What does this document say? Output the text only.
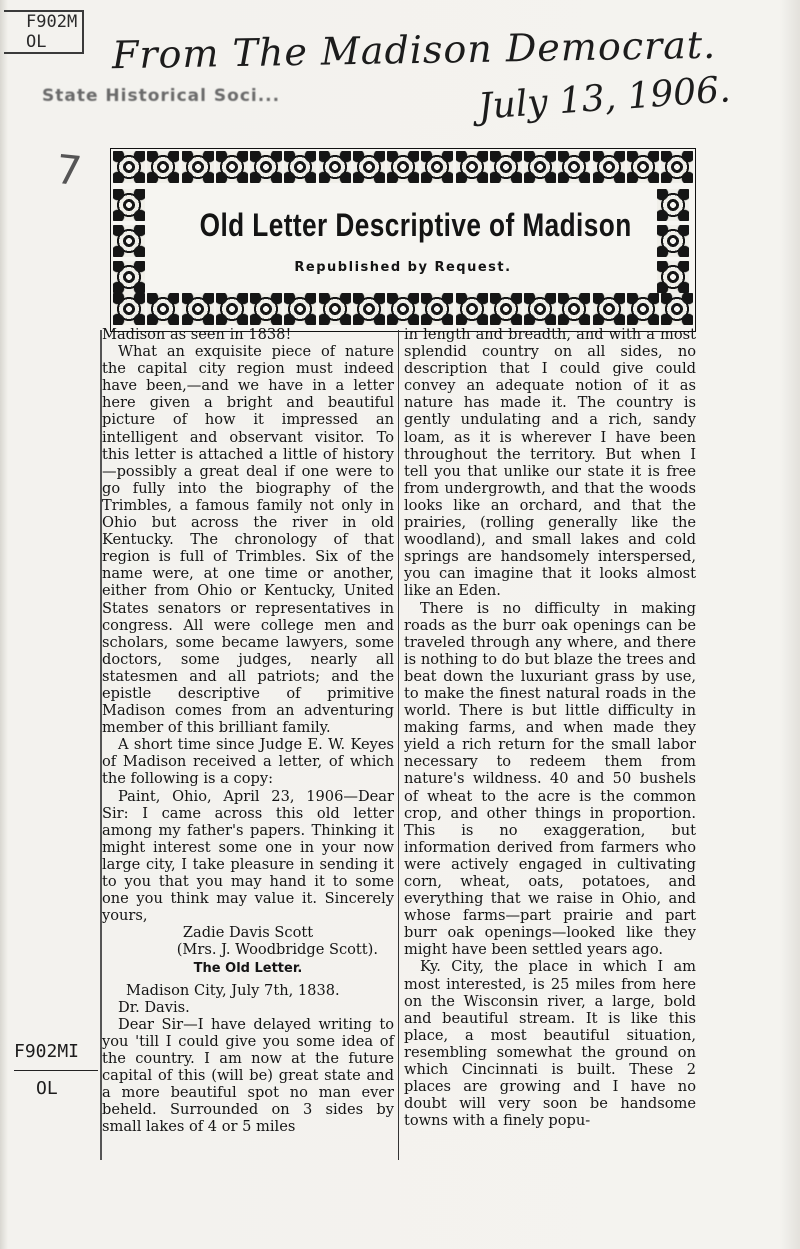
F902M
OL	From The Madison Democrat.
July 13, 1906.
State Historical Soci...
7
F902MI
OL
Old Letter Descriptive of Madison
Republished by Request.

Madison as seen in 1838!

What an exquisite piece of nature the capital city region must indeed have been,—and we have in a letter here given a bright and beautiful picture of how it impressed an intelligent and observant visitor. To this letter is attached a little of history—possibly a great deal if one were to go fully into the biography of the Trimbles, a famous family not only in Ohio but across the river in old Kentucky. The chronology of that region is full of Trimbles. Six of the name were, at one time or another, either from Ohio or Kentucky, United States senators or representatives in congress. All were college men and scholars, some became lawyers, some doctors, some judges, nearly all statesmen and all patriots; and the epistle descriptive of primitive Madison comes from an adventuring member of this brilliant family.

A short time since Judge E. W. Keyes of Madison received a letter, of which the following is a copy:

Paint, Ohio, April 23, 1906—Dear Sir: I came across this old letter among my father's papers. Thinking it might interest some one in your now large city, I take pleasure in sending it to you that you may hand it to some one you think may value it. Sincerely yours,

Zadie Davis Scott

(Mrs. J. Woodbridge Scott).

The Old Letter.

Madison City, July 7th, 1838.

Dr. Davis.

Dear Sir—I have delayed writing to you 'till I could give you some idea of the country. I am now at the future capital of this (will be) great state and a more beautiful spot no man ever beheld. Surrounded on 3 sides by small lakes of 4 or 5 miles

in length and breadth, and with a most splendid country on all sides, no description that I could give could convey an adequate notion of it as nature has made it. The country is gently undulating and a rich, sandy loam, as it is wherever I have been throughout the territory. But when I tell you that unlike our state it is free from undergrowth, and that the woods looks like an orchard, and that the prairies, (rolling generally like the woodland), and small lakes and cold springs are handsomely interspersed, you can imagine that it looks almost like an Eden.

There is no difficulty in making roads as the burr oak openings can be traveled through any where, and there is nothing to do but blaze the trees and beat down the luxuriant grass by use, to make the finest natural roads in the world. There is but little difficulty in making farms, and when made they yield a rich return for the small labor necessary to redeem them from nature's wildness. 40 and 50 bushels of wheat to the acre is the common crop, and other things in proportion. This is no exaggeration, but information derived from farmers who were actively engaged in cultivating corn, wheat, oats, potatoes, and everything that we raise in Ohio, and whose farms—part prairie and part burr oak openings—looked like they might have been settled years ago.

Ky. City, the place in which I am most interested, is 25 miles from here on the Wisconsin river, a large, bold and beautiful stream. It is like this place, a most beautiful situation, resembling somewhat the ground on which Cincinnati is built. These 2 places are growing and I have no doubt will very soon be handsome towns with a finely popu-
